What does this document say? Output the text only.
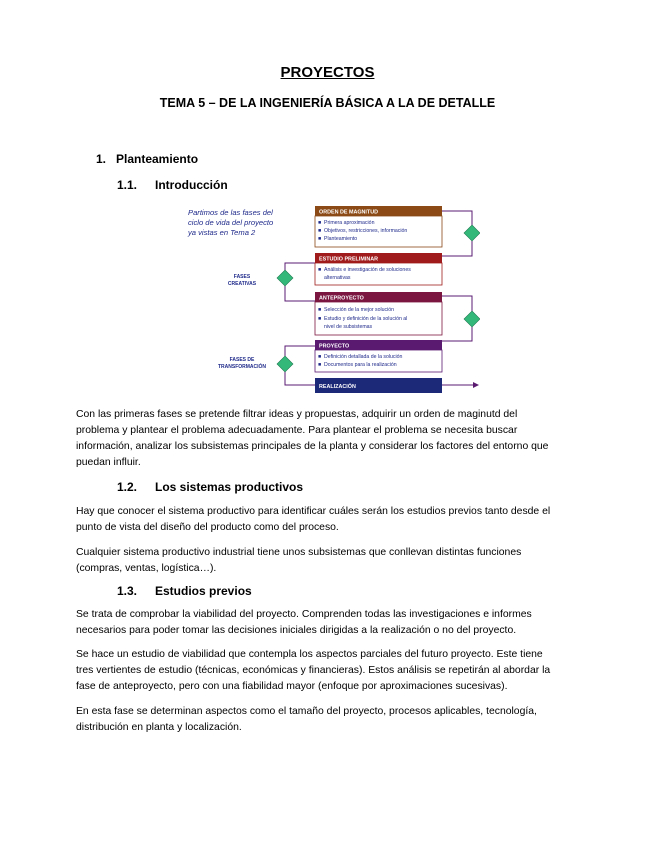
PROYECTOS
TEMA 5 – DE LA INGENIERÍA BÁSICA A LA DE DETALLE
1. Planteamiento
1.1. Introducción
Partimos de las fases del
ciclo de vida del proyecto
ya vistas en Tema 2
FASES
CREATIVAS
FASES DE
TRANSFORMACIÓN
ORDEN DE MAGNITUD
■ Primera aproximación
■ Objetivos, restricciones, información
■ Planteamiento
ESTUDIO PRELIMINAR
■ Análisis e investigación de soluciones
alternativas
ANTEPROYECTO
■ Selección de la mejor solución
■ Estudio y definición de la solución al
nivel de subsistemas
PROYECTO
■ Definición detallada de la solución
■ Documentos para la realización
REALIZACIÓN
Con las primeras fases se pretende filtrar ideas y propuestas, adquirir un orden de maginutd del
problema y plantear el problema adecuadamente. Para plantear el problema se necesita buscar
información, analizar los subsistemas principales de la planta y considerar los factores del entorno que
puedan influir.
1.2. Los sistemas productivos
Hay que conocer el sistema productivo para identificar cuáles serán los estudios previos tanto desde el
punto de vista del diseño del producto como del proceso.
Cualquier sistema productivo industrial tiene unos subsistemas que conllevan distintas funciones
(compras, ventas, logística…).
1.3. Estudios previos
Se trata de comprobar la viabilidad del proyecto. Comprenden todas las investigaciones e informes
necesarios para poder tomar las decisiones iniciales dirigidas a la realización o no del proyecto.
Se hace un estudio de viabilidad que contempla los aspectos parciales del futuro proyecto. Este tiene
tres vertientes de estudio (técnicas, económicas y financieras). Estos análisis se repetirán al abordar la
fase de anteproyecto, pero con una fiabilidad mayor (enfoque por aproximaciones sucesivas).
En esta fase se determinan aspectos como el tamaño del proyecto, procesos aplicables, tecnología,
distribución en planta y localización.
